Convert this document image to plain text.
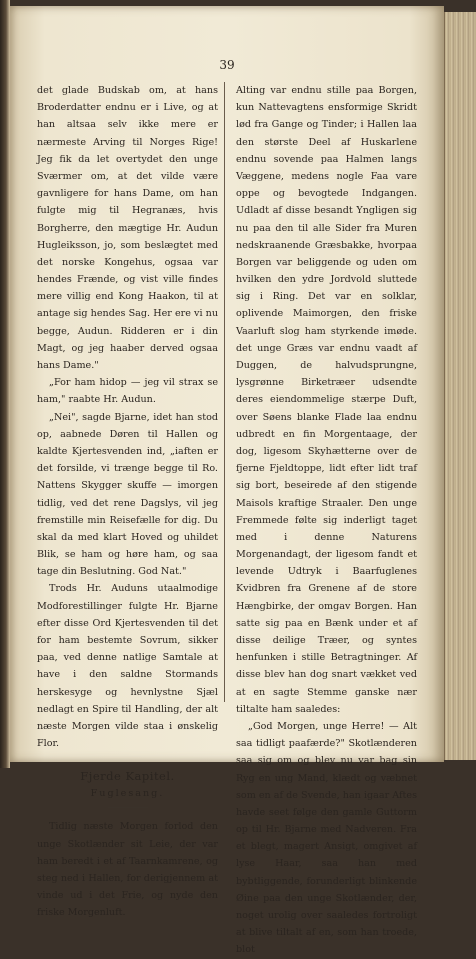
39

det glade Budskab om, at hans Broderdatter endnu er i Live, og at han altsaa selv ikke mere er nærmeste Arving til Norges Rige! Jeg fik da let overtydet den unge Sværmer om, at det vilde være gavnligere for hans Dame, om han fulgte mig til Hegranæs, hvis Borgherre, den mægtige Hr. Audun Hugleiksson, jo, som beslægtet med det norske Kongehus, ogsaa var hendes Frænde, og vist ville findes mere villig end Kong Haakon, til at antage sig hendes Sag. Her ere vi nu begge, Audun. Ridderen er i din Magt, og jeg haaber derved ogsaa hans Dame."

„For ham hidop — jeg vil strax se ham," raabte Hr. Audun.

„Nei", sagde Bjarne, idet han stod op, aabnede Døren til Hallen og kaldte Kjertesvenden ind, „iaften er det forsilde, vi trænge begge til Ro. Nattens Skygger skuffe — imorgen tidlig, ved det rene Dagslys, vil jeg fremstille min Reisefælle for dig. Du skal da med klart Hoved og uhildet Blik, se ham og høre ham, og saa tage din Beslutning. God Nat."

Trods Hr. Auduns utaalmodige Modforestillinger fulgte Hr. Bjarne efter disse Ord Kjertesvenden til det for ham bestemte Sovrum, sikker paa, ved denne natlige Samtale at have i den saldne Stormands herskesyge og hevnlystne Sjæl nedlagt en Spire til Handling, der alt næste Morgen vilde staa i ønskelig Flor.

Fjerde Kapitel.
Fuglesang.

Tidlig næste Morgen forlod den unge Skotlænder sit Leie, der var ham beredt i et af Taarnkamrene, og steg ned i Hallen, for derigjennem at vinde ud i det Frie, og nyde den friske Morgenluft.

Alting var endnu stille paa Borgen, kun Nattevagtens ensformige Skridt lød fra Gange og Tinder; i Hallen laa den største Deel af Huskarlene endnu sovende paa Halmen langs Væggene, medens nogle Faa vare oppe og bevogtede Indgangen. Udladt af disse besandt Yngligen sig nu paa den til alle Sider fra Muren nedskraanende Græsbakke, hvorpaa Borgen var beliggende og uden om hvilken den ydre Jordvold sluttede sig i Ring. Det var en solklar, oplivende Maimorgen, den friske Vaarluft slog ham styrkende imøde. det unge Græs var endnu vaadt af Duggen, de halvudsprungne, lysgrønne Birketræer udsendte deres eiendommelige stærpe Duft, over Søens blanke Flade laa endnu udbredt en fin Morgentaage, der dog, ligesom Skyhætterne over de fjerne Fjeldtoppe, lidt efter lidt traf sig bort, beseirede af den stigende Maisols kraftige Straaler. Den unge Fremmede følte sig inderligt taget med i denne Naturens Morgenandagt, der ligesom fandt et levende Udtryk i Baarfuglenes Kvidbren fra Grenene af de store Hængbirke, der omgav Borgen. Han satte sig paa en Bænk under et af disse deilige Træer, og syntes henfunken i stille Betragtninger. Af disse blev han dog snart vækket ved at en sagte Stemme ganske nær tiltalte ham saaledes:

„God Morgen, unge Herre! — Alt saa tidligt paafærde?" Skotlænderen saa sig om og blev nu var bag sin Ryg en ung Mand, klædt og væbnet som en af de Svende, han igaar Aftes havde seet følge den gamle Guttorm op til Hr. Bjarne med Nadveren. Fra et blegt, magert Ansigt, omgivet af lyse Haar, saa han med bybtliggende, forunderligt blinkende Øine paa den unge Skotlænder, der, noget urolig over saaledes fortroligt at blive tiltalt af en, som han troede, blot
